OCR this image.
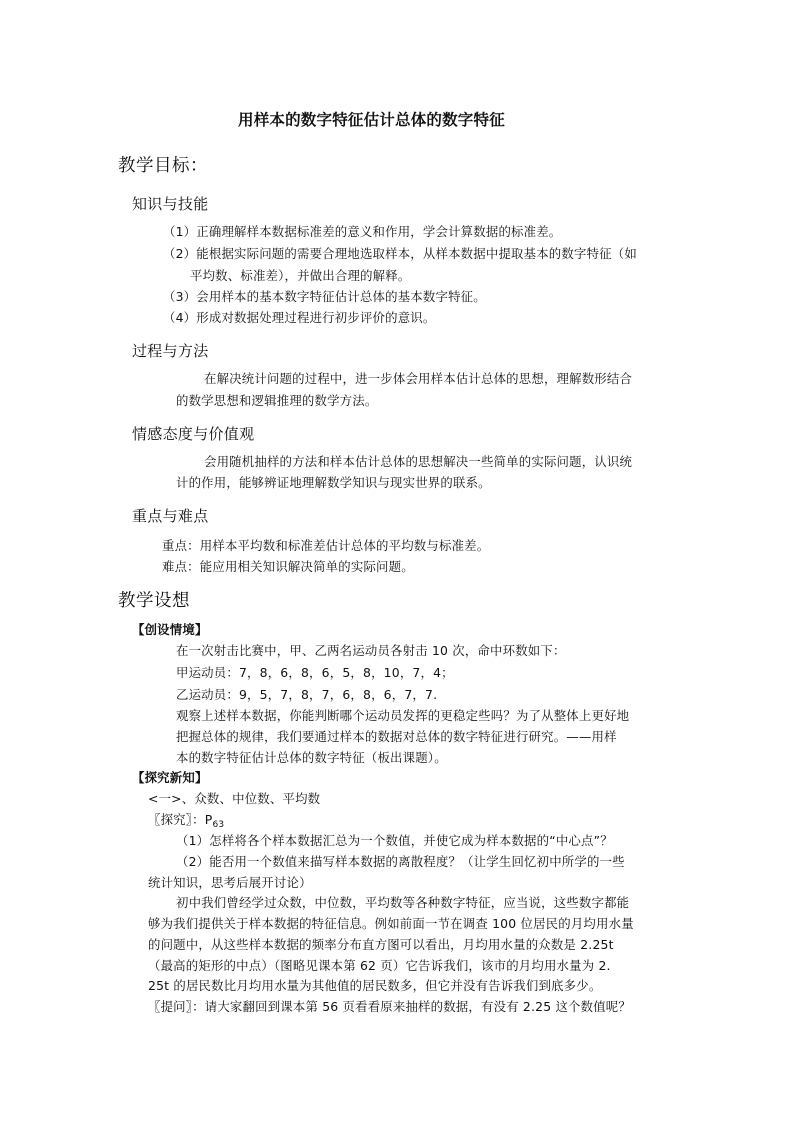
用样本的数字特征估计总体的数字特征
教学目标：
知识与技能
（1）正确理解样本数据标准差的意义和作用，学会计算数据的标准差。
（2）能根据实际问题的需要合理地选取样本，从样本数据中提取基本的数字特征（如
平均数、标准差），并做出合理的解释。
（3）会用样本的基本数字特征估计总体的基本数字特征。
（4）形成对数据处理过程进行初步评价的意识。
过程与方法
在解决统计问题的过程中，进一步体会用样本估计总体的思想，理解数形结合
的数学思想和逻辑推理的数学方法。
情感态度与价值观
会用随机抽样的方法和样本估计总体的思想解决一些简单的实际问题，认识统
计的作用，能够辨证地理解数学知识与现实世界的联系。
重点与难点
重点：用样本平均数和标准差估计总体的平均数与标准差。
难点：能应用相关知识解决简单的实际问题。
教学设想
【创设情境】
在一次射击比赛中，甲、乙两名运动员各射击 10 次，命中环数如下：
甲运动员：7，8，6，8，6，5，8，10，7，4；
乙运动员：9，5，7，8，7，6，8，6，7，7.
观察上述样本数据，你能判断哪个运动员发挥的更稳定些吗？为了从整体上更好地
把握总体的规律，我们要通过样本的数据对总体的数字特征进行研究。——用样
本的数字特征估计总体的数字特征（板出课题）。
【探究新知】
<一>、众数、中位数、平均数
〖探究〗：$P_{63}$
（1）怎样将各个样本数据汇总为一个数值，并使它成为样本数据的“中心点”？
（2）能否用一个数值来描写样本数据的离散程度？（让学生回忆初中所学的一些
统计知识，思考后展开讨论）
初中我们曾经学过众数，中位数，平均数等各种数字特征，应当说，这些数字都能
够为我们提供关于样本数据的特征信息。例如前面一节在调查 100 位居民的月均用水量
的问题中，从这些样本数据的频率分布直方图可以看出，月均用水量的众数是 2.25t
（最高的矩形的中点）（图略见课本第 62 页）它告诉我们，该市的月均用水量为 2.
25t 的居民数比月均用水量为其他值的居民数多，但它并没有告诉我们到底多少。
〖提问〗：请大家翻回到课本第 56 页看看原来抽样的数据，有没有 2.25 这个数值呢？
